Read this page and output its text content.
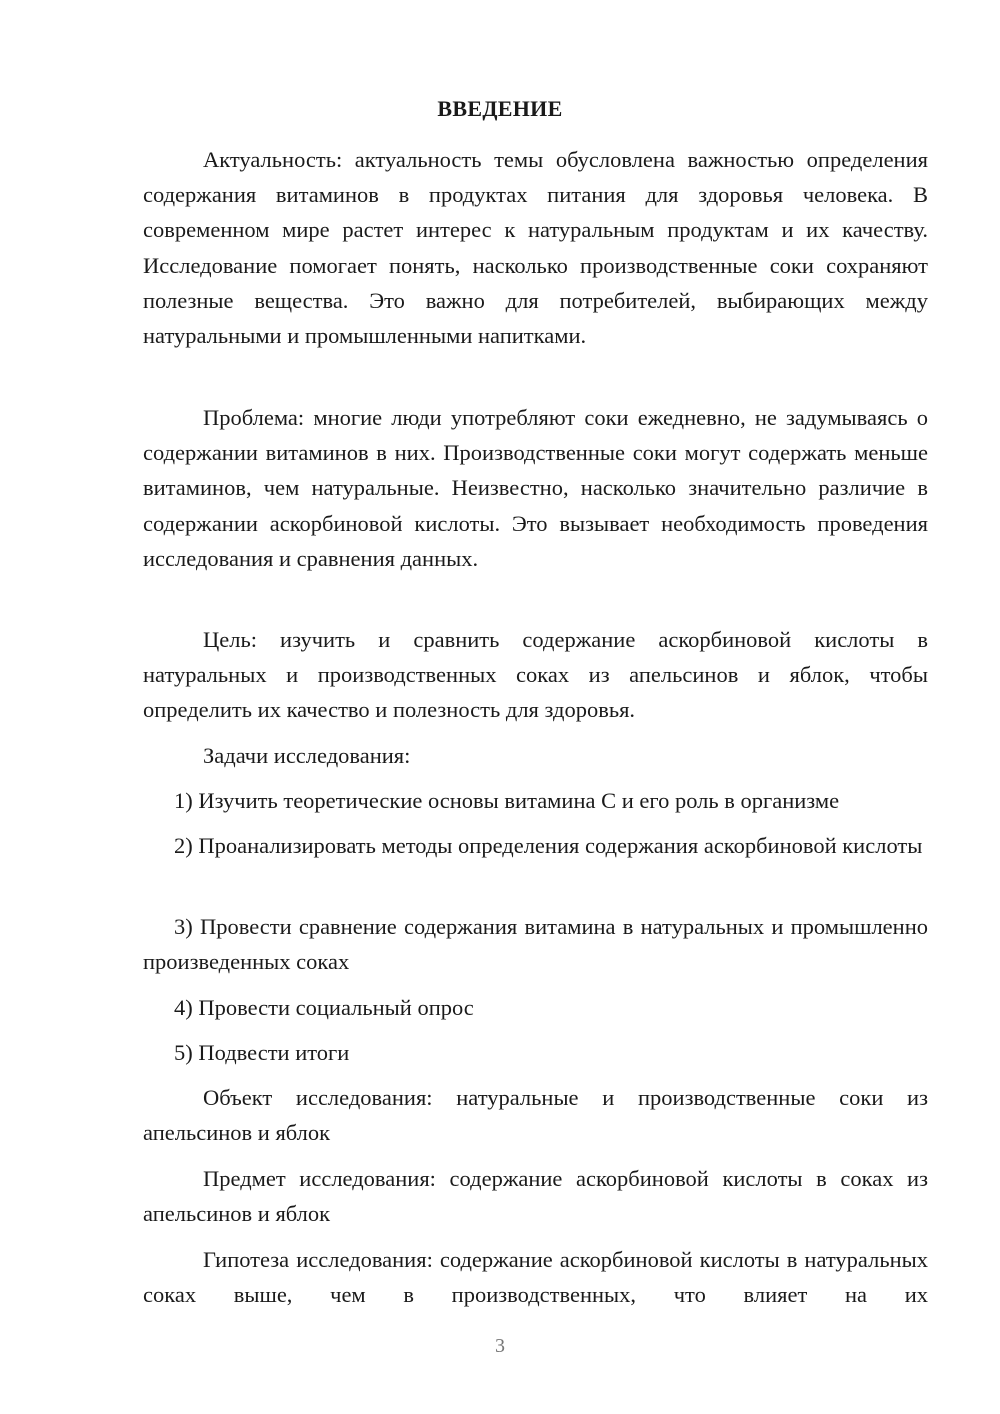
ВВЕДЕНИЕ

Актуальность: актуальность темы обусловлена важностью определения содержания витаминов в продуктах питания для здоровья человека. В современном мире растет интерес к натуральным продуктам и их качеству. Исследование помогает понять, насколько производственные соки сохраняют полезные вещества. Это важно для потребителей, выбирающих между натуральными и промышленными напитками.

Проблема: многие люди употребляют соки ежедневно, не задумываясь о содержании витаминов в них. Производственные соки могут содержать меньше витаминов, чем натуральные. Неизвестно, насколько значительно различие в содержании аскорбиновой кислоты. Это вызывает необходимость проведения исследования и сравнения данных.

Цель: изучить и сравнить содержание аскорбиновой кислоты в натуральных и производственных соках из апельсинов и яблок, чтобы определить их качество и полезность для здоровья.

Задачи исследования:

1) Изучить теоретические основы витамина С и его роль в организме

2) Проанализировать методы определения содержания аскорбиновой кислоты

3) Провести сравнение содержания витамина в натуральных и промышленно произведенных соках

4) Провести социальный опрос

5) Подвести итоги

Объект исследования: натуральные и производственные соки из апельсинов и яблок

Предмет исследования: содержание аскорбиновой кислоты в соках из апельсинов и яблок

Гипотеза исследования: содержание аскорбиновой кислоты в натуральных соках выше, чем в производственных, что влияет на их

3
